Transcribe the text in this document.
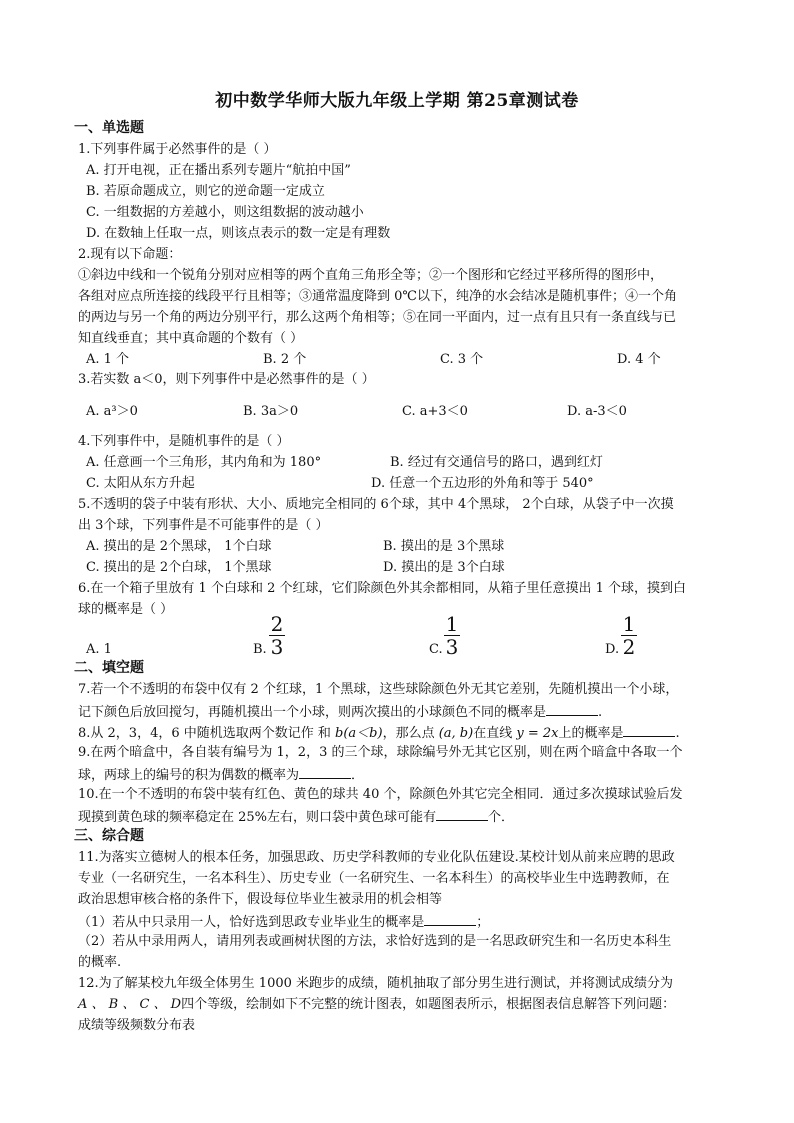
初中数学华师大版九年级上学期 第25章测试卷
一、单选题
1.下列事件属于必然事件的是（ ）
A. 打开电视，正在播出系列专题片“航拍中国”
B. 若原命题成立，则它的逆命题一定成立
C. 一组数据的方差越小，则这组数据的波动越小
D. 在数轴上任取一点，则该点表示的数一定是有理数
2.现有以下命题：
①斜边中线和一个锐角分别对应相等的两个直角三角形全等；②一个图形和它经过平移所得的图形中，
各组对应点所连接的线段平行且相等；③通常温度降到 0℃以下，纯净的水会结冰是随机事件；④一个角
的两边与另一个角的两边分别平行，那么这两个角相等；⑤在同一平面内，过一点有且只有一条直线与已
知直线垂直；其中真命题的个数有（ ）
A. 1 个	B. 2 个	C. 3 个	D. 4 个
3.若实数 a＜0，则下列事件中是必然事件的是（ ）
A. a³＞0	B. 3a＞0	C. a+3＜0	D. a-3＜0
4.下列事件中，是随机事件的是（ ）
A. 任意画一个三角形，其内角和为 180°	B. 经过有交通信号的路口，遇到红灯
C. 太阳从东方升起	D. 任意一个五边形的外角和等于 540°
5.不透明的袋子中装有形状、大小、质地完全相同的 6个球，其中 4个黑球， 2个白球，从袋子中一次摸
出 3个球，下列事件是不可能事件的是（ ）
A. 摸出的是 2个黑球， 1个白球	B. 摸出的是 3个黑球
C. 摸出的是 2个白球， 1个黑球	D. 摸出的是 3个白球
6.在一个箱子里放有 1 个白球和 2 个红球，它们除颜色外其余都相同，从箱子里任意摸出 1 个球，摸到白
球的概率是（ ）
A. 1	B.
2
3	C.
1
3	D.
1
2
二、填空题
7.若一个不透明的布袋中仅有 2 个红球，1 个黑球，这些球除颜色外无其它差别，先随机摸出一个小球，
记下颜色后放回搅匀，再随机摸出一个小球，则两次摸出的小球颜色不同的概率是	.
8.从 2，3，4，6 中随机选取两个数记作 和 b(a＜b)，那么点 (a, b)在直线 y = 2x上的概率是	.
9.在两个暗盒中，各自装有编号为 1，2，3 的三个球，球除编号外无其它区别，则在两个暗盒中各取一个
球，两球上的编号的积为偶数的概率为	．
10.在一个不透明的布袋中装有红色、黄色的球共 40 个，除颜色外其它完全相同．通过多次摸球试验后发
现摸到黄色球的频率稳定在 25%左右，则口袋中黄色球可能有	个．
三、综合题
11.为落实立德树人的根本任务，加强思政、历史学科教师的专业化队伍建设.某校计划从前来应聘的思政
专业（一名研究生，一名本科生）、历史专业（一名研究生、一名本科生）的高校毕业生中选聘教师，在
政治思想审核合格的条件下，假设每位毕业生被录用的机会相等
（1）若从中只录用一人，恰好选到思政专业毕业生的概率是	；
（2）若从中录用两人，请用列表或画树状图的方法，求恰好选到的是一名思政研究生和一名历史本科生
的概率.
12.为了解某校九年级全体男生 1000 米跑步的成绩，随机抽取了部分男生进行测试，并将测试成绩分为
A 、 B 、 C 、 D四个等级，绘制如下不完整的统计图表，如题图表所示，根据图表信息解答下列问题：
成绩等级频数分布表
